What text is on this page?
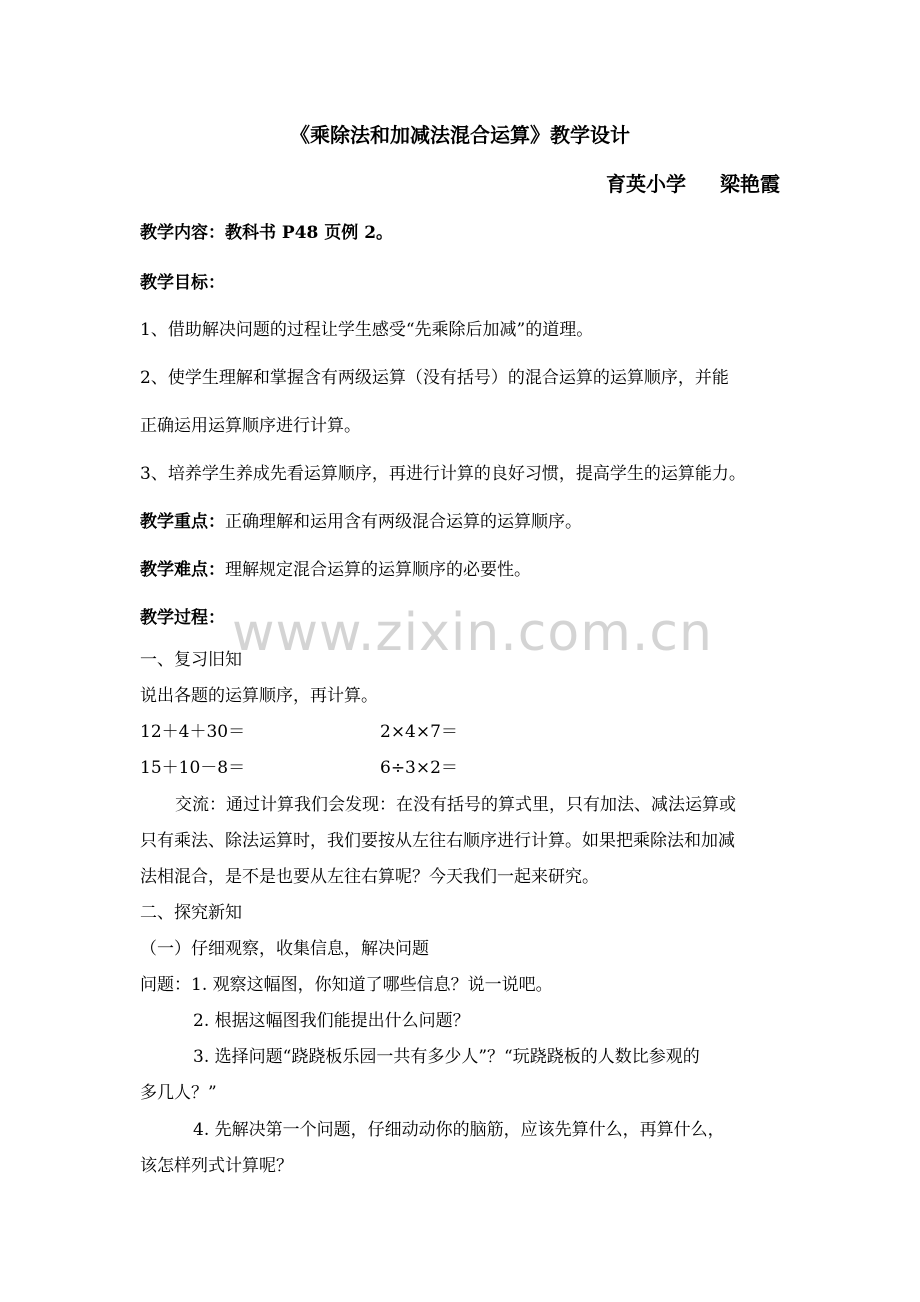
www.zixin.com.cn
《乘除法和加减法混合运算》教学设计
育英小学 梁艳霞
教学内容：教科书 P48 页例 2。
教学目标：
1、借助解决问题的过程让学生感受“先乘除后加减”的道理。
2、使学生理解和掌握含有两级运算（没有括号）的混合运算的运算顺序，并能
正确运用运算顺序进行计算。
3、培养学生养成先看运算顺序，再进行计算的良好习惯，提高学生的运算能力。
教学重点：正确理解和运用含有两级混合运算的运算顺序。
教学难点：理解规定混合运算的运算顺序的必要性。
教学过程：
一、复习旧知
说出各题的运算顺序，再计算。
12＋4＋30＝	2×4×7＝
15＋10－8＝	6÷3×2＝
交流：通过计算我们会发现：在没有括号的算式里，只有加法、减法运算或
只有乘法、除法运算时，我们要按从左往右顺序进行计算。如果把乘除法和加减
法相混合，是不是也要从左往右算呢？今天我们一起来研究。
二、探究新知
（一）仔细观察，收集信息，解决问题
问题：1. 观察这幅图，你知道了哪些信息？说一说吧。
2. 根据这幅图我们能提出什么问题？
3. 选择问题“跷跷板乐园一共有多少人”？“玩跷跷板的人数比参观的
多几人？”
4. 先解决第一个问题，仔细动动你的脑筋，应该先算什么，再算什么，
该怎样列式计算呢？
